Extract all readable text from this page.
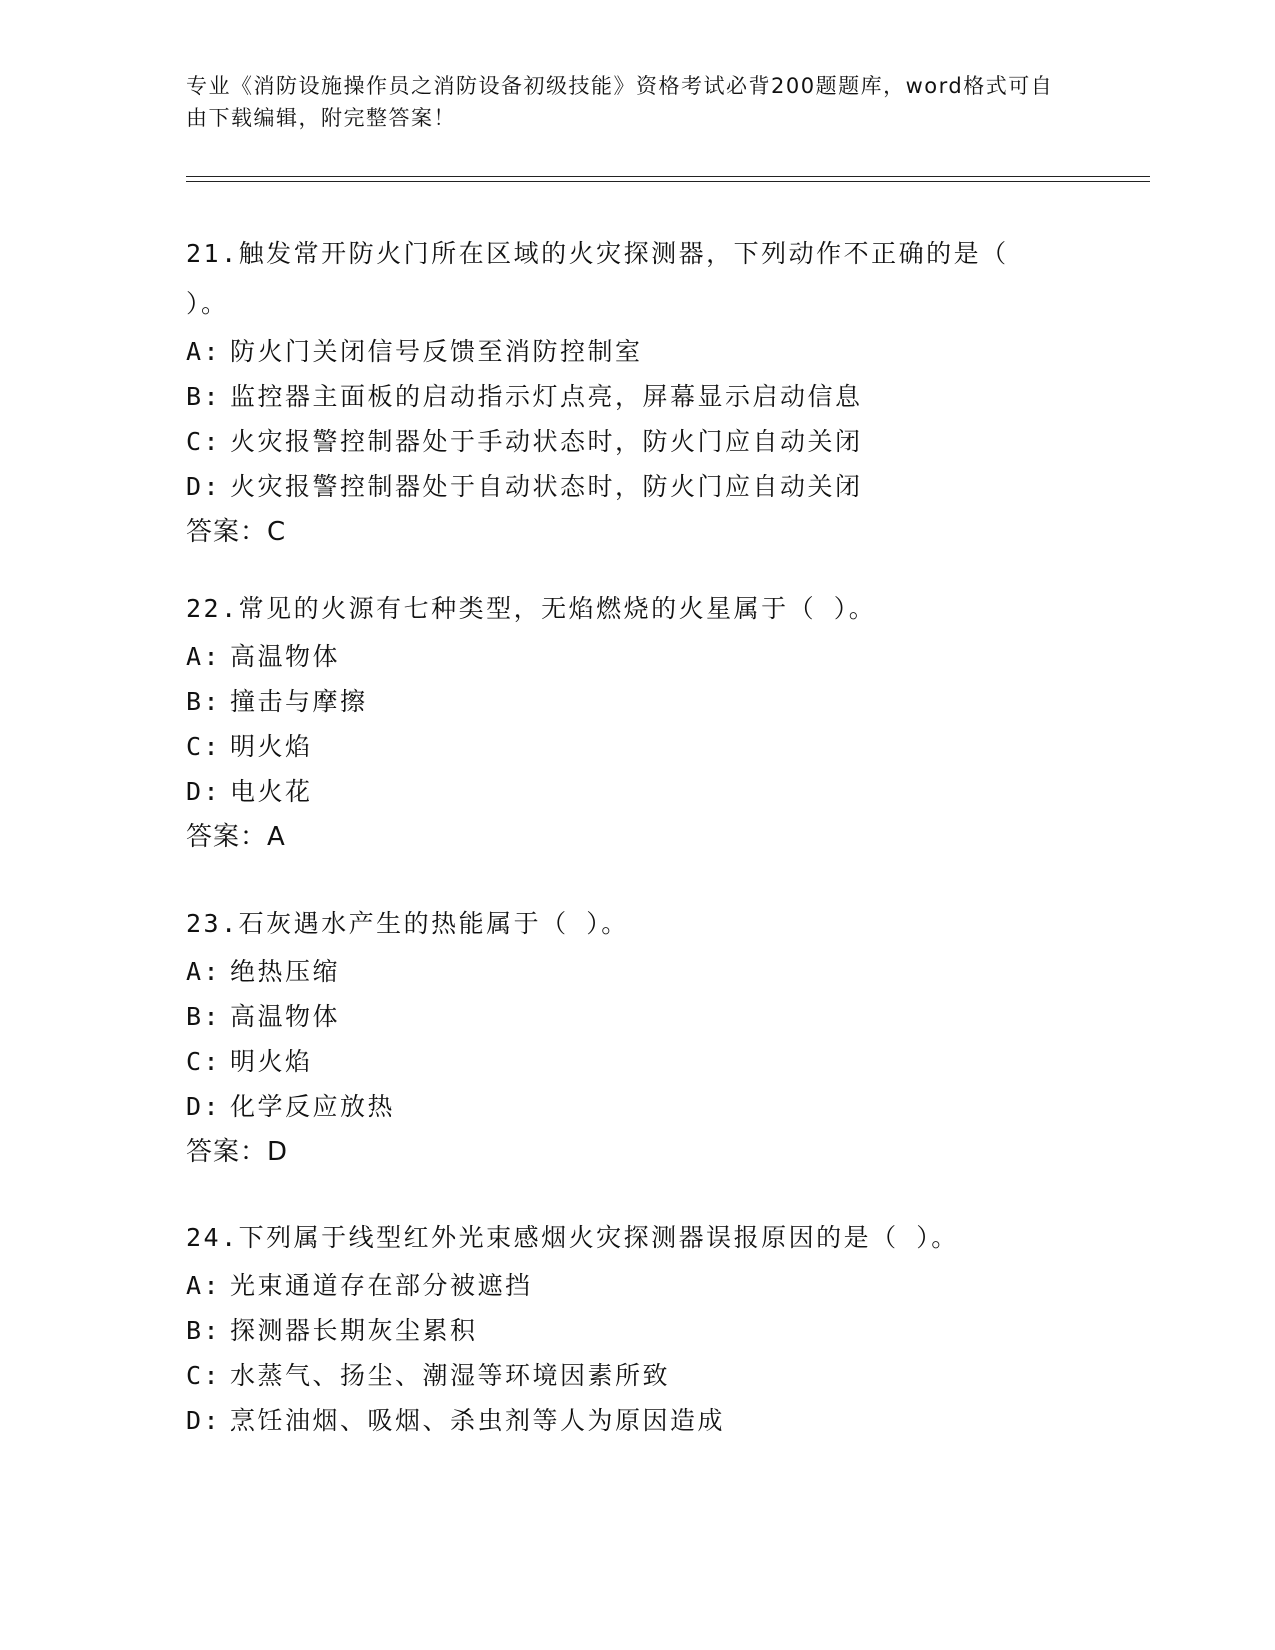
专业《消防设施操作员之消防设备初级技能》资格考试必背200题题库，word格式可自由下载编辑，附完整答案！

21.触发常开防火门所在区域的火灾探测器，下列动作不正确的是（ ）。

A: 防火门关闭信号反馈至消防控制室

B: 监控器主面板的启动指示灯点亮，屏幕显示启动信息

C: 火灾报警控制器处于手动状态时，防火门应自动关闭

D: 火灾报警控制器处于自动状态时，防火门应自动关闭

答案：C

22.常见的火源有七种类型，无焰燃烧的火星属于（ ）。

A: 高温物体

B: 撞击与摩擦

C: 明火焰

D: 电火花

答案：A

23.石灰遇水产生的热能属于（ ）。

A: 绝热压缩

B: 高温物体

C: 明火焰

D: 化学反应放热

答案：D

24.下列属于线型红外光束感烟火灾探测器误报原因的是（ ）。

A: 光束通道存在部分被遮挡

B: 探测器长期灰尘累积

C: 水蒸气、扬尘、潮湿等环境因素所致

D: 烹饪油烟、吸烟、杀虫剂等人为原因造成
